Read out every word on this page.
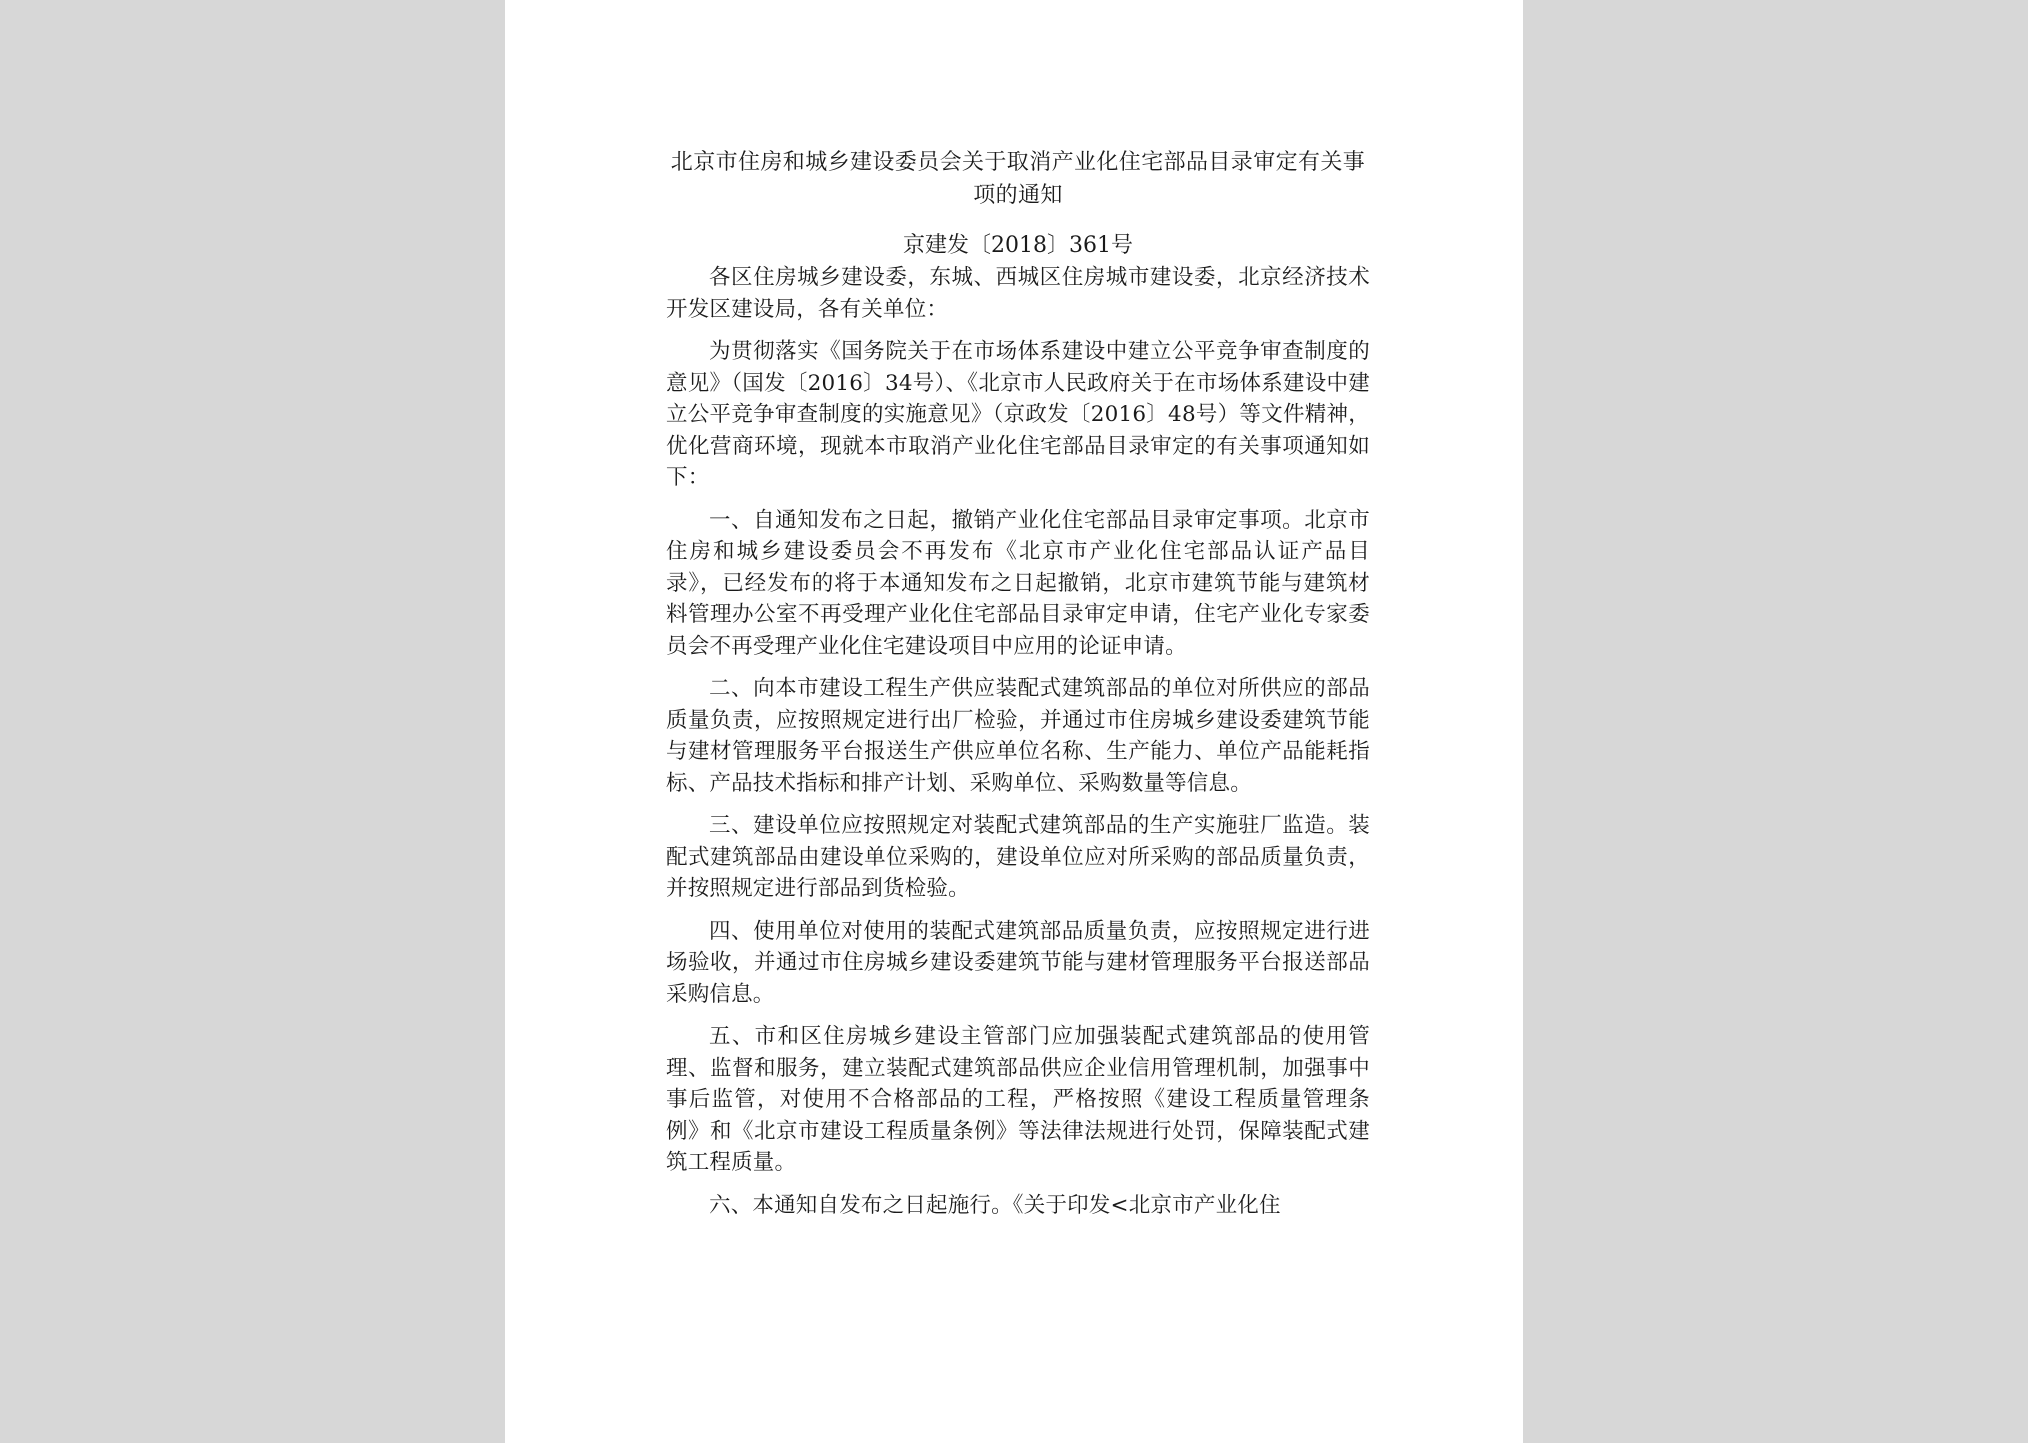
北京市住房和城乡建设委员会关于取消产业化住宅部品目录审定有关事项的通知
京建发〔2018〕361号

各区住房城乡建设委，东城、西城区住房城市建设委，北京经济技术开发区建设局，各有关单位：

为贯彻落实《国务院关于在市场体系建设中建立公平竞争审查制度的意见》（国发〔2016〕34号）、《北京市人民政府关于在市场体系建设中建立公平竞争审查制度的实施意见》（京政发〔2016〕48号）等文件精神，优化营商环境，现就本市取消产业化住宅部品目录审定的有关事项通知如下：

一、自通知发布之日起，撤销产业化住宅部品目录审定事项。北京市住房和城乡建设委员会不再发布《北京市产业化住宅部品认证产品目录》，已经发布的将于本通知发布之日起撤销，北京市建筑节能与建筑材料管理办公室不再受理产业化住宅部品目录审定申请，住宅产业化专家委员会不再受理产业化住宅建设项目中应用的论证申请。

二、向本市建设工程生产供应装配式建筑部品的单位对所供应的部品质量负责，应按照规定进行出厂检验，并通过市住房城乡建设委建筑节能与建材管理服务平台报送生产供应单位名称、生产能力、单位产品能耗指标、产品技术指标和排产计划、采购单位、采购数量等信息。

三、建设单位应按照规定对装配式建筑部品的生产实施驻厂监造。装配式建筑部品由建设单位采购的，建设单位应对所采购的部品质量负责，并按照规定进行部品到货检验。

四、使用单位对使用的装配式建筑部品质量负责，应按照规定进行进场验收，并通过市住房城乡建设委建筑节能与建材管理服务平台报送部品采购信息。

五、市和区住房城乡建设主管部门应加强装配式建筑部品的使用管理、监督和服务，建立装配式建筑部品供应企业信用管理机制，加强事中事后监管，对使用不合格部品的工程，严格按照《建设工程质量管理条例》和《北京市建设工程质量条例》等法律法规进行处罚，保障装配式建筑工程质量。

六、本通知自发布之日起施行。《关于印发<北京市产业化住
